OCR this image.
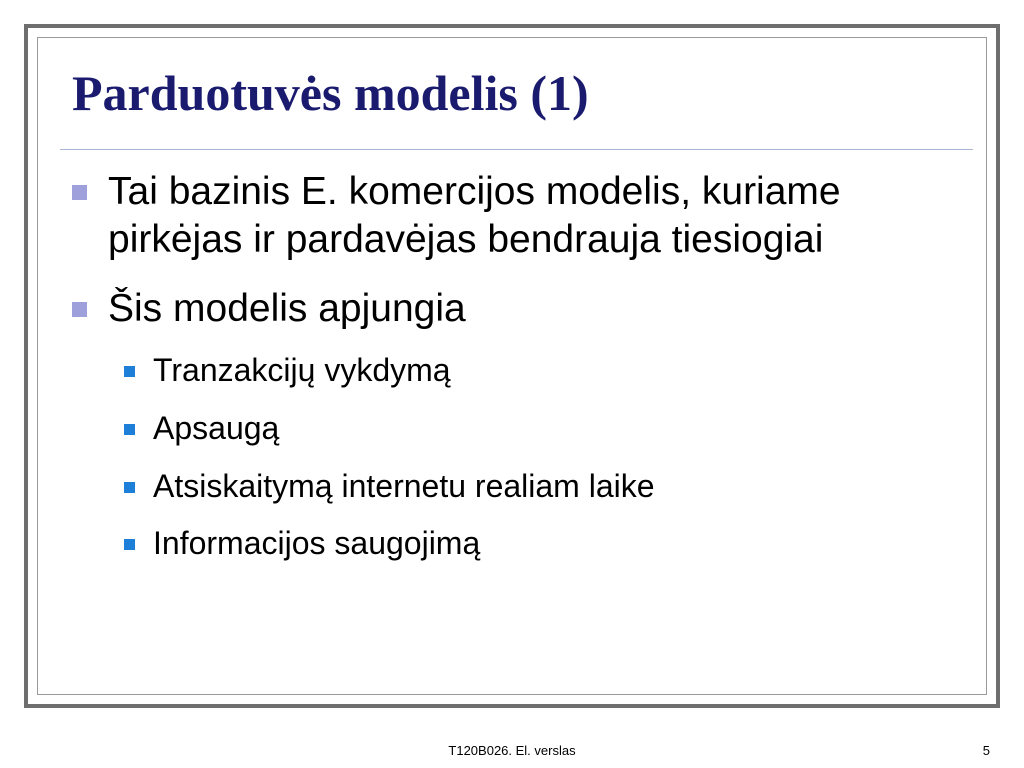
Parduotuvės modelis (1)
Tai bazinis E. komercijos modelis, kuriame pirkėjas ir pardavėjas bendrauja tiesiogiai
Šis modelis apjungia
Tranzakcijų vykdymą
Apsaugą
Atsiskaitymą internetu realiam laike
Informacijos saugojimą
T120B026. El. verslas	5
